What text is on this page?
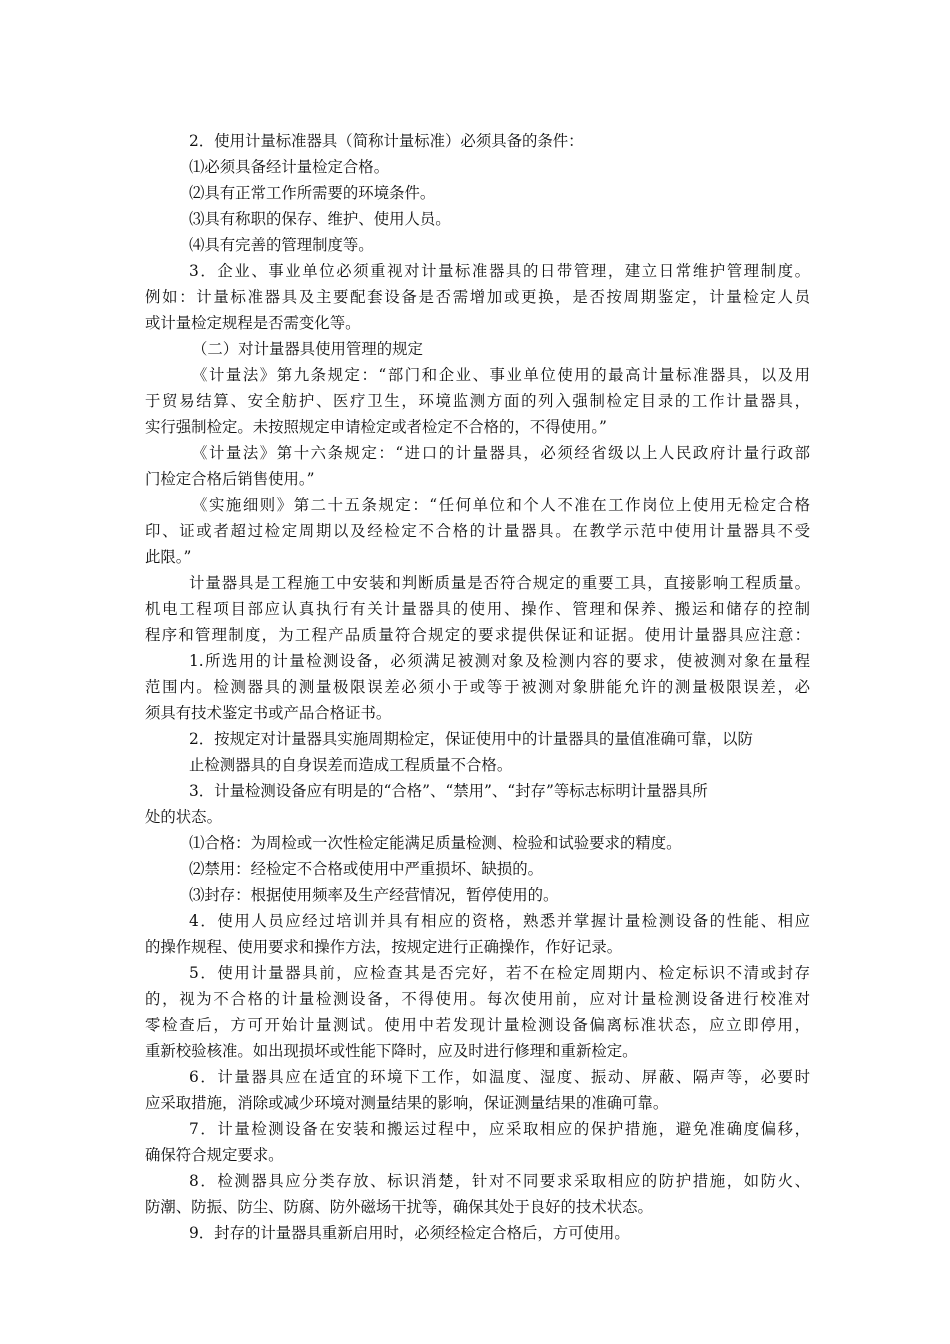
2．使用计量标准器具（简称计量标准）必须具备的条件：
⑴必须具备经计量检定合格。
⑵具有正常工作所需要的环境条件。
⑶具有称职的保存、维护、使用人员。
⑷具有完善的管理制度等。
3．企业、事业单位必须重视对计量标准器具的日带管理，建立日常维护管理制度。
例如：计量标准器具及主要配套设备是否需增加或更换，是否按周期鉴定，计量检定人员
或计量检定规程是否需变化等。
（二）对计量器具使用管理的规定
《计量法》第九条规定：“部门和企业、事业单位使用的最高计量标准器具，以及用
于贸易结算、安全舫护、医疗卫生，环境监测方面的列入强制检定目录的工作计量器具，
实行强制检定。未按照规定申请检定或者检定不合格的，不得使用。”
《计量法》第十六条规定：“进口的计量器具，必须经省级以上人民政府计量行政部
门检定合格后销售使用。”
《实施细则》第二十五条规定：“任何单位和个人不准在工作岗位上使用无检定合格
印、证或者超过检定周期以及经检定不合格的计量器具。在教学示范中使用计量器具不受
此限。”
计量器具是工程施工中安装和判断质量是否符合规定的重要工具，直接影响工程质量。
机电工程项目部应认真执行有关计量器具的使用、操作、管理和保养、搬运和储存的控制
程序和管理制度，为工程产品质量符合规定的要求提供保证和证据。使用计量器具应注意：
1.所选用的计量检测设备，必须满足被测对象及检测内容的要求，使被测对象在量程
范围内。检测器具的测量极限误差必须小于或等于被测对象肼能允许的测量极限误差，必
须具有技术鉴定书或产品合格证书。
2．按规定对计量器具实施周期检定，保证使用中的计量器具的量值准确可靠，以防
止检测器具的自身误差而造成工程质量不合格。
3．计量检测设备应有明是的“合格”、“禁用”、“封存”等标志标明计量器具所
处的状态。
⑴合格：为周检或一次性检定能满足质量检测、检验和试验要求的精度。
⑵禁用：经检定不合格或使用中严重损坏、缺损的。
⑶封存：根据使用频率及生产经营情况，暂停使用的。
4．使用人员应经过培训并具有相应的资格，熟悉并掌握计量检测设备的性能、相应
的操作规程、使用要求和操作方法，按规定进行正确操作，作好记录。
5．使用计量器具前，应检查其是否完好，若不在检定周期内、检定标识不清或封存
的，视为不合格的计量检测设备，不得使用。每次使用前，应对计量检测设备进行校准对
零检查后，方可开始计量测试。使用中若发现计量检测设备偏离标准状态，应立即停用，
重新校验核准。如出现损坏或性能下降时，应及时进行修理和重新检定。
6．计量器具应在适宜的环境下工作，如温度、湿度、振动、屏蔽、隔声等，必要时
应采取措施，消除或减少环境对测量结果的影响，保证测量结果的准确可靠。
7．计量检测设备在安装和搬运过程中，应采取相应的保护措施，避免准确度偏移，
确保符合规定要求。
8．检测器具应分类存放、标识消楚，针对不同要求采取相应的防护措施，如防火、
防潮、防振、防尘、防腐、防外磁场干扰等，确保其处于良好的技术状态。
9．封存的计量器具重新启用时，必须经检定合格后，方可使用。
